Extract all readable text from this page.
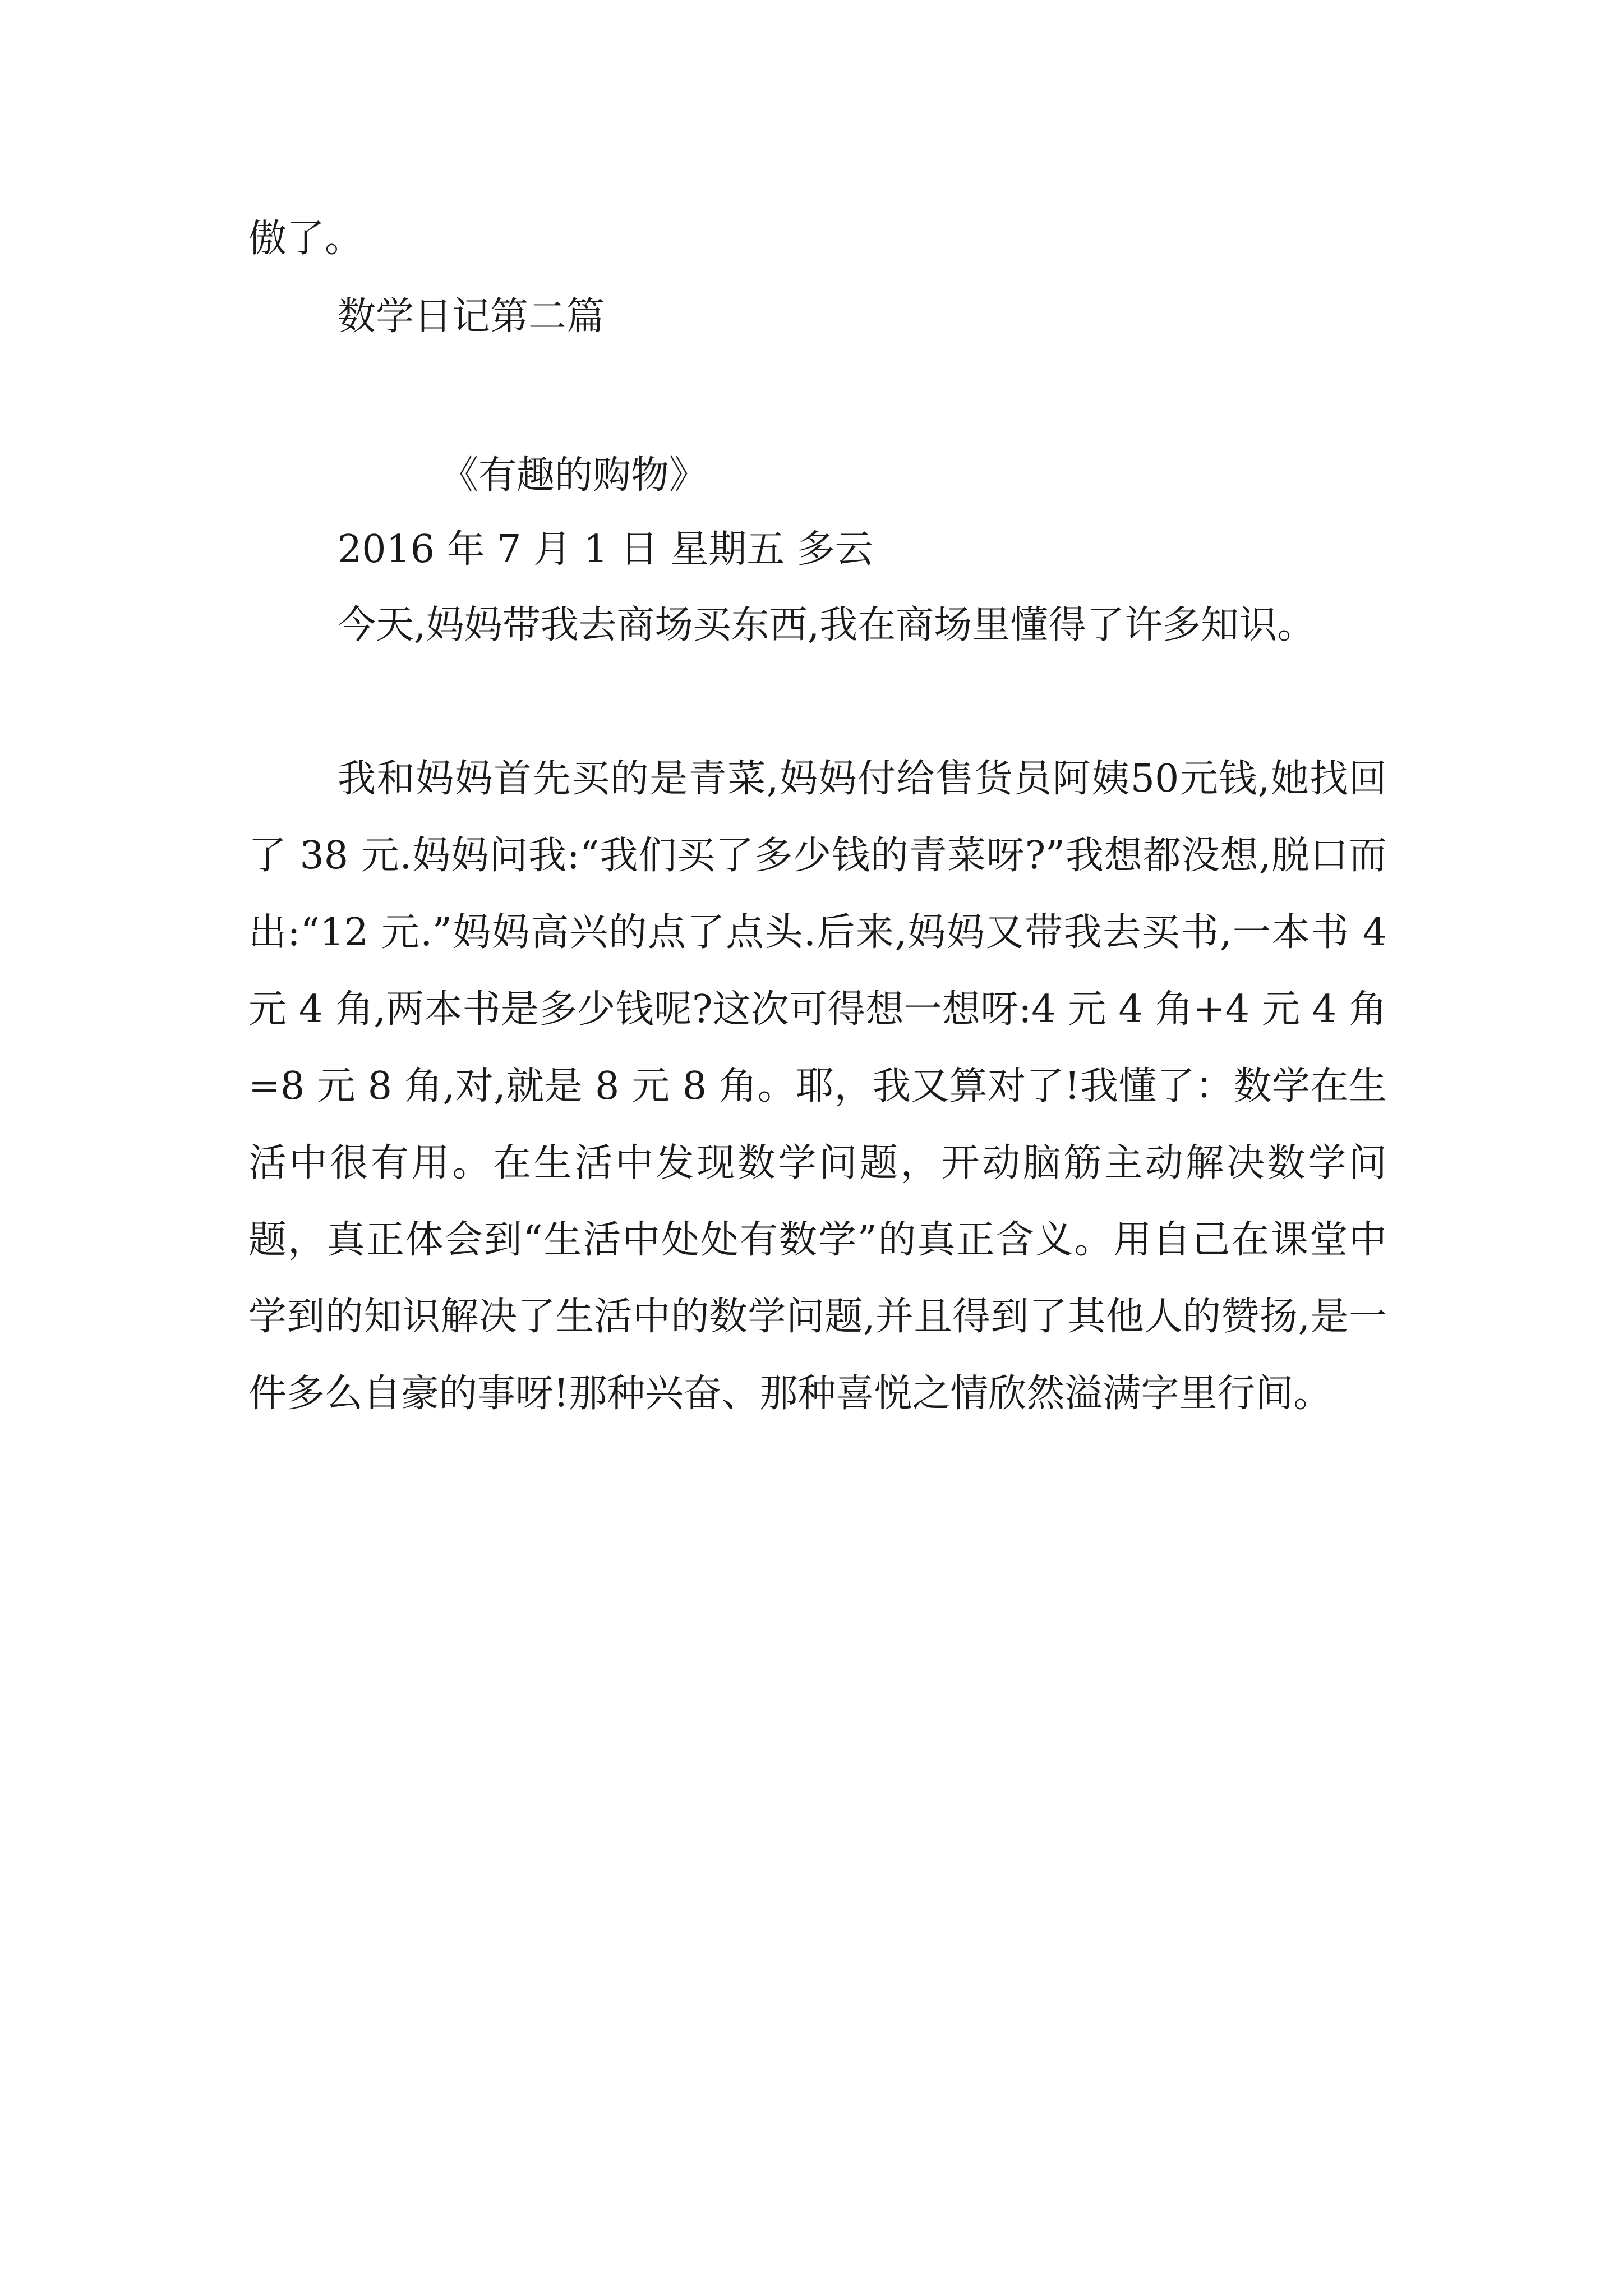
傲了。

数学日记第二篇

《有趣的购物》

2016 年 7 月 1 日 星期五 多云

今天,妈妈带我去商场买东西,我在商场里懂得了许多知识。

我和妈妈首先买的是青菜,妈妈付给售货员阿姨50元钱,她找回了 38 元.妈妈问我:“我们买了多少钱的青菜呀?”我想都没想,脱口而出:“12 元.”妈妈高兴的点了点头.后来,妈妈又带我去买书,一本书 4 元 4 角,两本书是多少钱呢?这次可得想一想呀:4 元 4 角+4 元 4 角=8 元 8 角,对,就是 8 元 8 角。耶，我又算对了!我懂了：数学在生活中很有用。在生活中发现数学问题，开动脑筋主动解决数学问题，真正体会到“生活中处处有数学”的真正含义。用自己在课堂中学到的知识解决了生活中的数学问题,并且得到了其他人的赞扬,是一件多么自豪的事呀!那种兴奋、那种喜悦之情欣然溢满字里行间。
